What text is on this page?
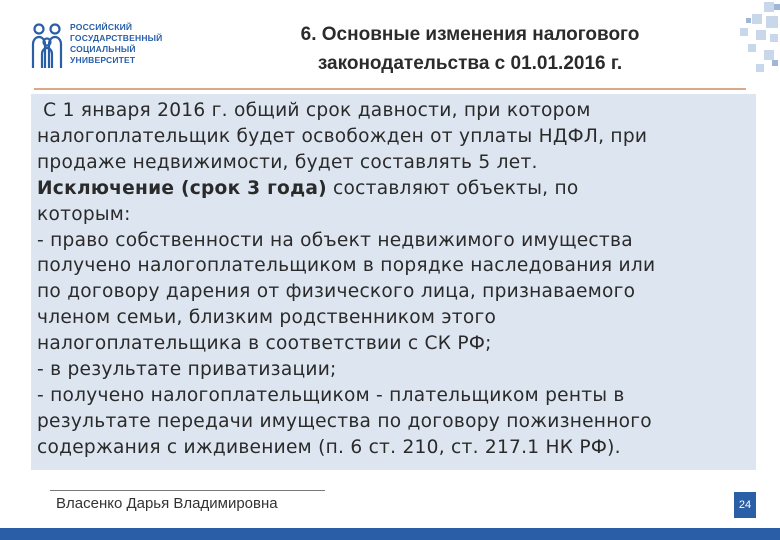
РОССИЙСКИЙ
ГОСУДАРСТВЕННЫЙ
СОЦИАЛЬНЫЙ
УНИВЕРСИТЕТ
6. Основные изменения налогового
законодательства с 01.01.2016 г.
С 1 января 2016 г. общий срок давности, при котором
налогоплательщик будет освобожден от уплаты НДФЛ, при
продаже недвижимости, будет составлять 5 лет.
Исключение (срок 3 года) составляют объекты, по
которым:
- право собственности на объект недвижимого имущества
получено налогоплательщиком в порядке наследования или
по договору дарения от физического лица, признаваемого
членом семьи, близким родственником этого
налогоплательщика в соответствии с СК РФ;
- в результате приватизации;
- получено налогоплательщиком - плательщиком ренты в
результате передачи имущества по договору пожизненного
содержания с иждивением (п. 6 ст. 210, ст. 217.1 НК РФ).
Власенко Дарья Владимировна	24
